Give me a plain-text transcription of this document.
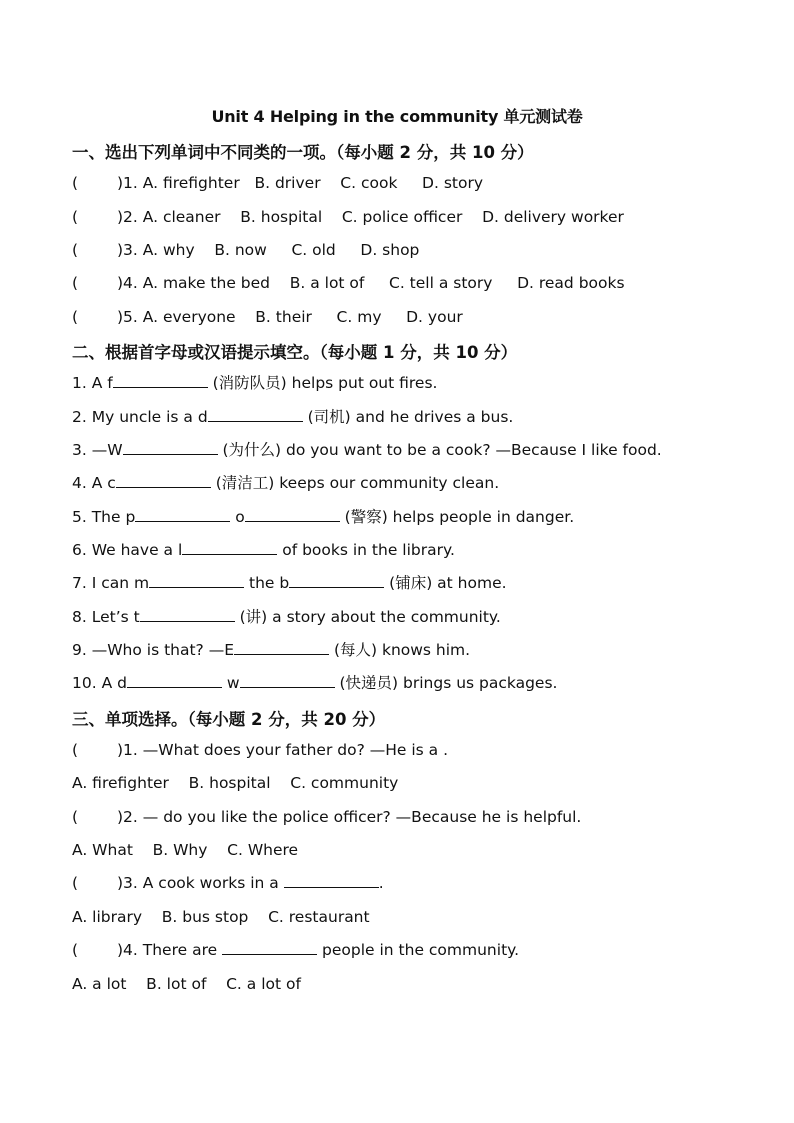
Unit 4 Helping in the community 单元测试卷
一、选出下列单词中不同类的一项。（每小题 2 分，共 10 分）
(	)1. A. firefighter   B. driver    C. cook     D. story
(	)2. A. cleaner    B. hospital    C. police officer    D. delivery worker
(	)3. A. why    B. now     C. old     D. shop
(	)4. A. make the bed    B. a lot of     C. tell a story     D. read books
(	)5. A. everyone    B. their     C. my     D. your
二、根据首字母或汉语提示填空。（每小题 1 分，共 10 分）
1. A f	(消防队员) helps put out fires.
2. My uncle is a d	(司机) and he drives a bus.
3. —W	(为什么) do you want to be a cook? —Because I like food.
4. A c	(清洁工) keeps our community clean.
5. The p	o	(警察) helps people in danger.
6. We have a l	of books in the library.
7. I can m	the b	(铺床) at home.
8. Let’s t	(讲) a story about the community.
9. —Who is that? —E	(每人) knows him.
10. A d	w	(快递员) brings us packages.
三、单项选择。（每小题 2 分，共 20 分）
(	)1. —What does your father do? —He is a .
A. firefighter    B. hospital    C. community
(	)2. — do you like the police officer? —Because he is helpful.
A. What    B. Why    C. Where
(	)3. A cook works in a	.
A. library    B. bus stop    C. restaurant
(	)4. There are	people in the community.
A. a lot    B. lot of    C. a lot of
